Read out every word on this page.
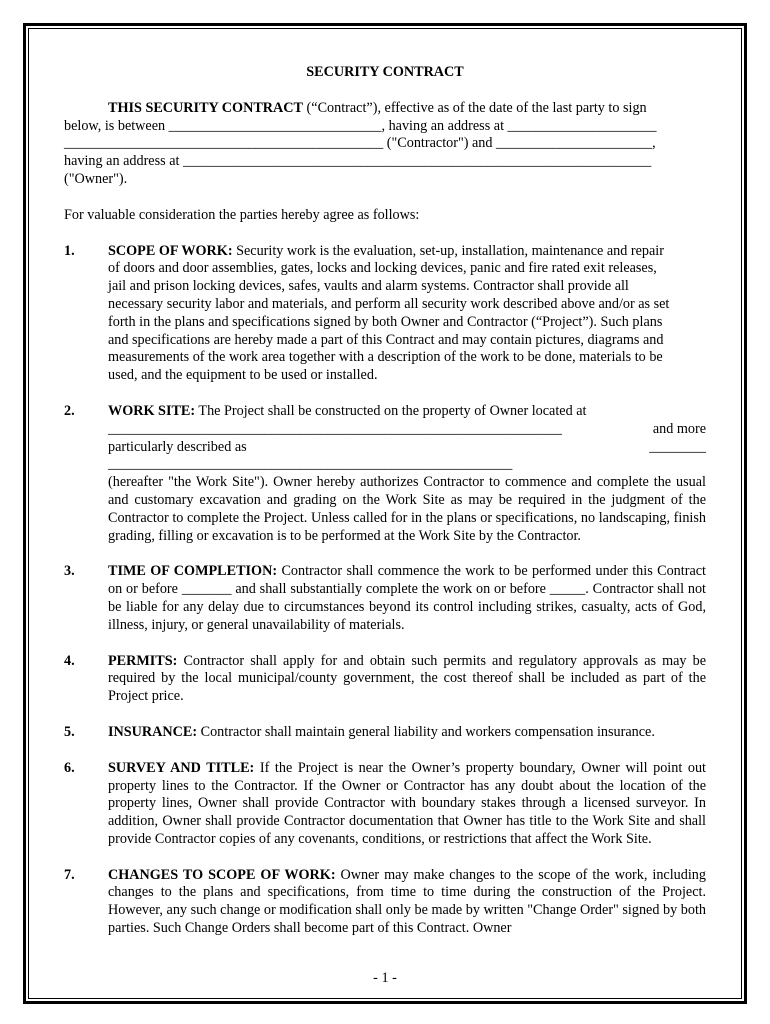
SECURITY CONTRACT

THIS SECURITY CONTRACT (“Contract”), effective as of the date of the last party to sign
below, is between ______________________________, having an address at _____________________
_____________________________________________ ("Contractor") and ______________________,
having an address at __________________________________________________________________
("Owner").

For valuable consideration the parties hereby agree as follows:

1.	SCOPE OF WORK: Security work is the evaluation, set-up, installation, maintenance and repair
of doors and door assemblies, gates, locks and locking devices, panic and fire rated exit releases,
jail and prison locking devices, safes, vaults and alarm systems. Contractor shall provide all
necessary security labor and materials, and perform all security work described above and/or as set
forth in the plans and specifications signed by both Owner and Contractor (“Project”). Such plans
and specifications are hereby made a part of this Contract and may contain pictures, diagrams and
measurements of the work area together with a description of the work to be done, materials to be
used, and the equipment to be used or installed.
2.	WORK SITE: The Project shall be constructed on the property of Owner located at
________________________________________________________________	and more
particularly described as _________________________________________________________
________
(hereafter "the Work Site"). Owner hereby authorizes Contractor to commence and complete the usual and customary excavation and grading on the Work Site as may be required in the judgment of the Contractor to complete the Project. Unless called for in the plans or specifications, no landscaping, finish grading, filling or excavation is to be performed at the Work Site by the Contractor.
3.	TIME OF COMPLETION: Contractor shall commence the work to be performed under this Contract on or before _______ and shall substantially complete the work on or before _____. Contractor shall not be liable for any delay due to circumstances beyond its control including strikes, casualty, acts of God, illness, injury, or general unavailability of materials.
4.	PERMITS: Contractor shall apply for and obtain such permits and regulatory approvals as may be required by the local municipal/county government, the cost thereof shall be included as part of the Project price.
5.	INSURANCE: Contractor shall maintain general liability and workers compensation insurance.
6.	SURVEY AND TITLE: If the Project is near the Owner’s property boundary, Owner will point out property lines to the Contractor. If the Owner or Contractor has any doubt about the location of the property lines, Owner shall provide Contractor with boundary stakes through a licensed surveyor. In addition, Owner shall provide Contractor documentation that Owner has title to the Work Site and shall provide Contractor copies of any covenants, conditions, or restrictions that affect the Work Site.
7.	CHANGES TO SCOPE OF WORK: Owner may make changes to the scope of the work, including changes to the plans and specifications, from time to time during the construction of the Project. However, any such change or modification shall only be made by written "Change Order" signed by both parties. Such Change Orders shall become part of this Contract. Owner
- 1 -
